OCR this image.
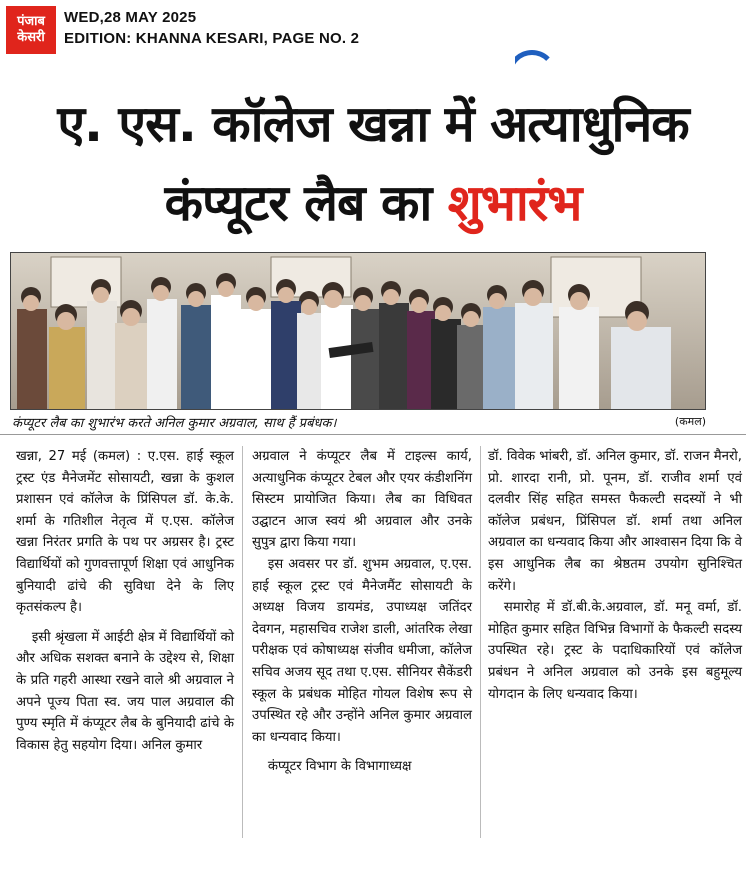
पंजाब
केसरी
WED,28 MAY 2025
EDITION: KHANNA KESARI, PAGE NO. 2
ए. एस. कॉलेज खन्ना में अत्याधुनिक
कंप्यूटर लैब का शुभारंभ
कंप्यूटर लैब का शुभारंभ करते अनिल कुमार अग्रवाल, साथ हैं प्रबंधक।	(कमल)

खन्ना, 27 मई (कमल) : ए.एस. हाई स्कूल ट्रस्ट एंड मैनेजमेंट सोसायटी, खन्ना के कुशल प्रशासन एवं कॉलेज के प्रिंसिपल डॉ. के.के. शर्मा के गतिशील नेतृत्व में ए.एस. कॉलेज खन्ना निरंतर प्रगति के पथ पर अग्रसर है। ट्रस्ट विद्यार्थियों को गुणवत्तापूर्ण शिक्षा एवं आधुनिक बुनियादी ढांचे की सुविधा देने के लिए कृतसंकल्प है।

इसी श्रृंखला में आईटी क्षेत्र में विद्यार्थियों को और अधिक सशक्त बनाने के उद्देश्य से, शिक्षा के प्रति गहरी आस्था रखने वाले श्री अग्रवाल ने अपने पूज्य पिता स्व. जय पाल अग्रवाल की पुण्य स्मृति में कंप्यूटर लैब के बुनियादी ढांचे के विकास हेतु सहयोग दिया। अनिल कुमार

अग्रवाल ने कंप्यूटर लैब में टाइल्स कार्य, अत्याधुनिक कंप्यूटर टेबल और एयर कंडीशनिंग सिस्टम प्रायोजित किया। लैब का विधिवत उद्घाटन आज स्वयं श्री अग्रवाल और उनके सुपुत्र द्वारा किया गया।

इस अवसर पर डॉ. शुभम अग्रवाल, ए.एस. हाई स्कूल ट्रस्ट एवं मैनेजमैंट सोसायटी के अध्यक्ष विजय डायमंड, उपाध्यक्ष जतिंदर देवगन, महासचिव राजेश डाली, आंतरिक लेखा परीक्षक एवं कोषाध्यक्ष संजीव धमीजा, कॉलेज सचिव अजय सूद तथा ए.एस. सीनियर सैकेंडरी स्कूल के प्रबंधक मोहित गोयल विशेष रूप से उपस्थित रहे और उन्होंने अनिल कुमार अग्रवाल का धन्यवाद किया।

कंप्यूटर विभाग के विभागाध्यक्ष

डॉ. विवेक भांबरी, डॉ. अनिल कुमार, डॉ. राजन मैनरो, प्रो. शारदा रानी, प्रो. पूनम, डॉ. राजीव शर्मा एवं दलवीर सिंह सहित समस्त फैकल्टी सदस्यों ने भी कॉलेज प्रबंधन, प्रिंसिपल डॉ. शर्मा तथा अनिल अग्रवाल का धन्यवाद किया और आश्वासन दिया कि वे इस आधुनिक लैब का श्रेष्ठतम उपयोग सुनिश्चित करेंगे।

समारोह में डॉ.बी.के.अग्रवाल, डॉ. मनू वर्मा, डॉ. मोहित कुमार सहित विभिन्न विभागों के फैकल्टी सदस्य उपस्थित रहे। ट्रस्ट के पदाधिकारियों एवं कॉलेज प्रबंधन ने अनिल अग्रवाल को उनके इस बहुमूल्य योगदान के लिए धन्यवाद किया।
